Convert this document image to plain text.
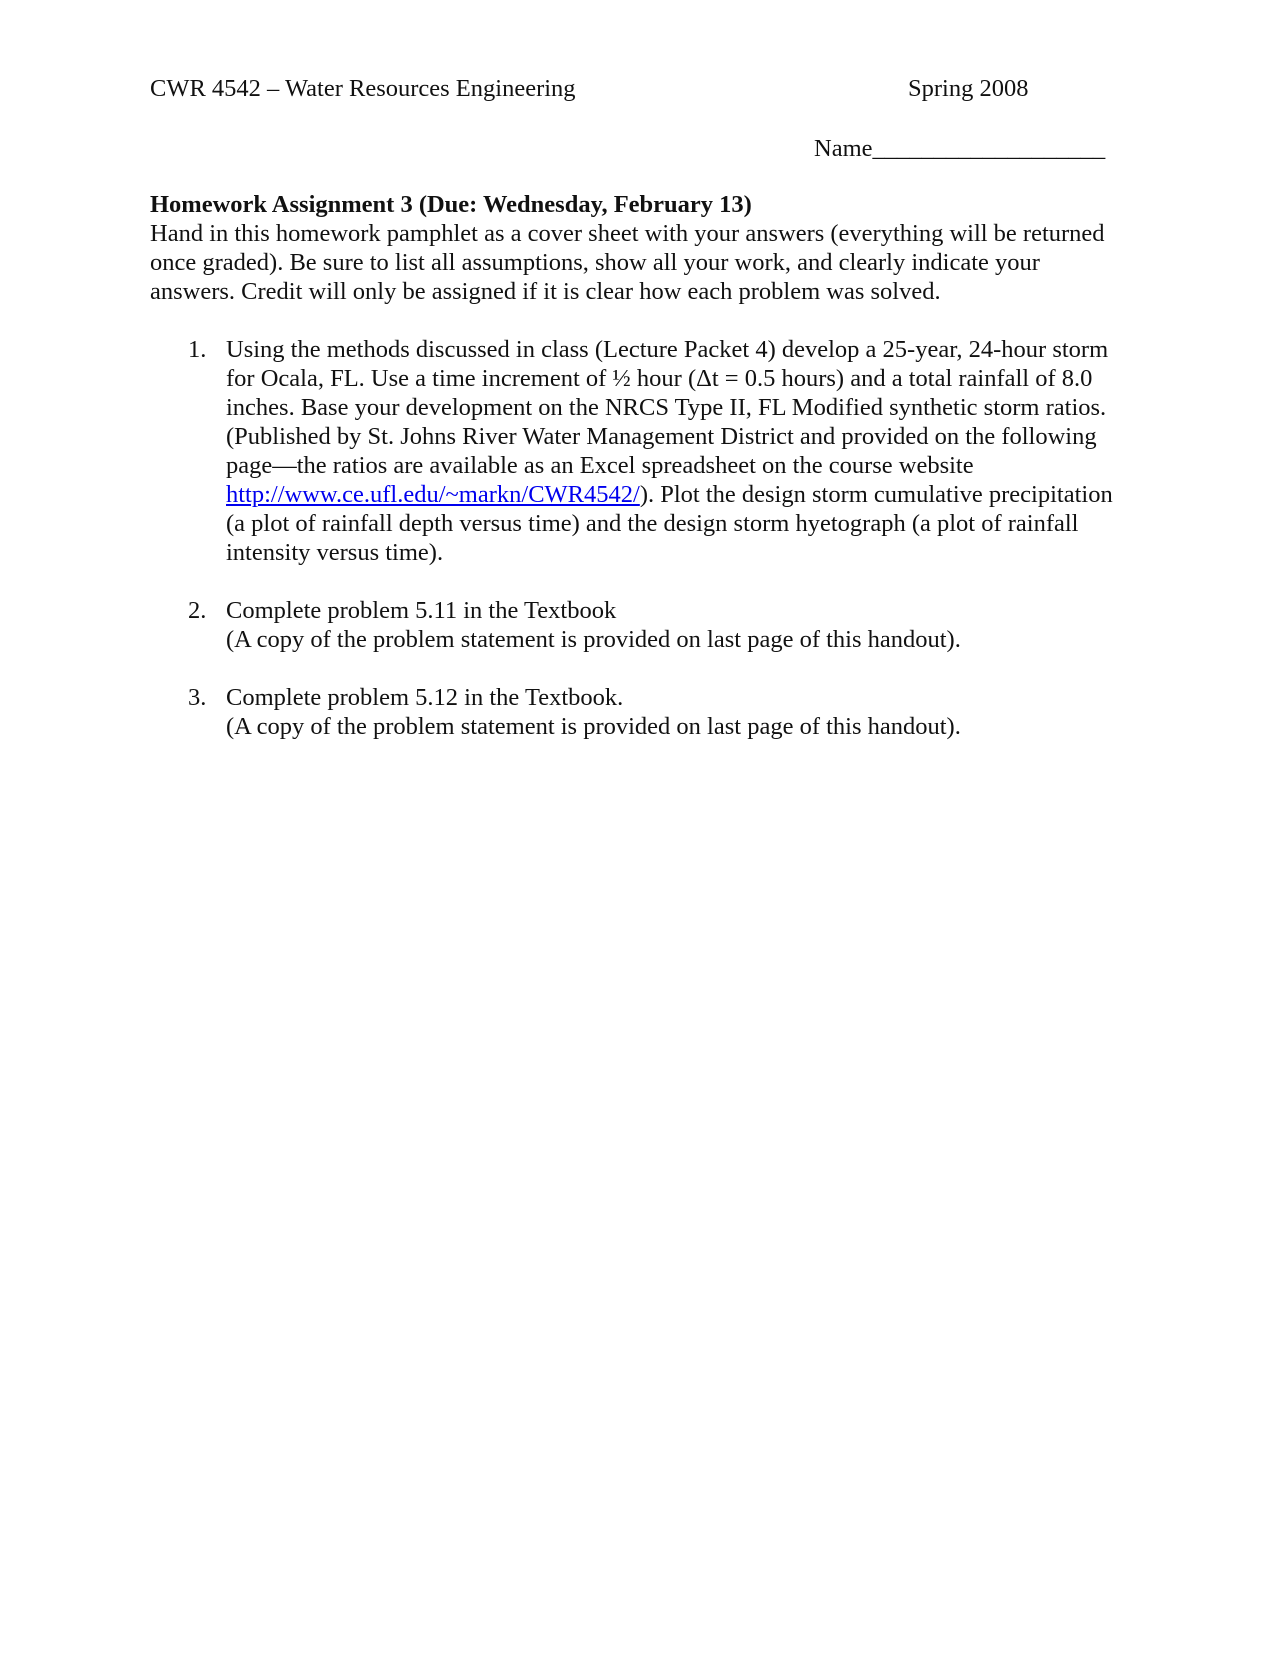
CWR 4542 – Water Resources Engineering	Spring 2008
Name___________________
Homework Assignment 3 (Due: Wednesday, February 13)

Hand in this homework pamphlet as a cover sheet with your answers (everything will be returned once graded). Be sure to list all assumptions, show all your work, and clearly indicate your answers. Credit will only be assigned if it is clear how each problem was solved.

1. Using the methods discussed in class (Lecture Packet 4) develop a 25-year, 24-hour storm for Ocala, FL. Use a time increment of ½ hour (Δt = 0.5 hours) and a total rainfall of 8.0 inches. Base your development on the NRCS Type II, FL Modified synthetic storm ratios. (Published by St. Johns River Water Management District and provided on the following page—the ratios are available as an Excel spreadsheet on the course website http://www.ce.ufl.edu/~markn/CWR4542/). Plot the design storm cumulative precipitation (a plot of rainfall depth versus time) and the design storm hyetograph (a plot of rainfall intensity versus time).
2. Complete problem 5.11 in the Textbook
(A copy of the problem statement is provided on last page of this handout).
3. Complete problem 5.12 in the Textbook.
(A copy of the problem statement is provided on last page of this handout).
